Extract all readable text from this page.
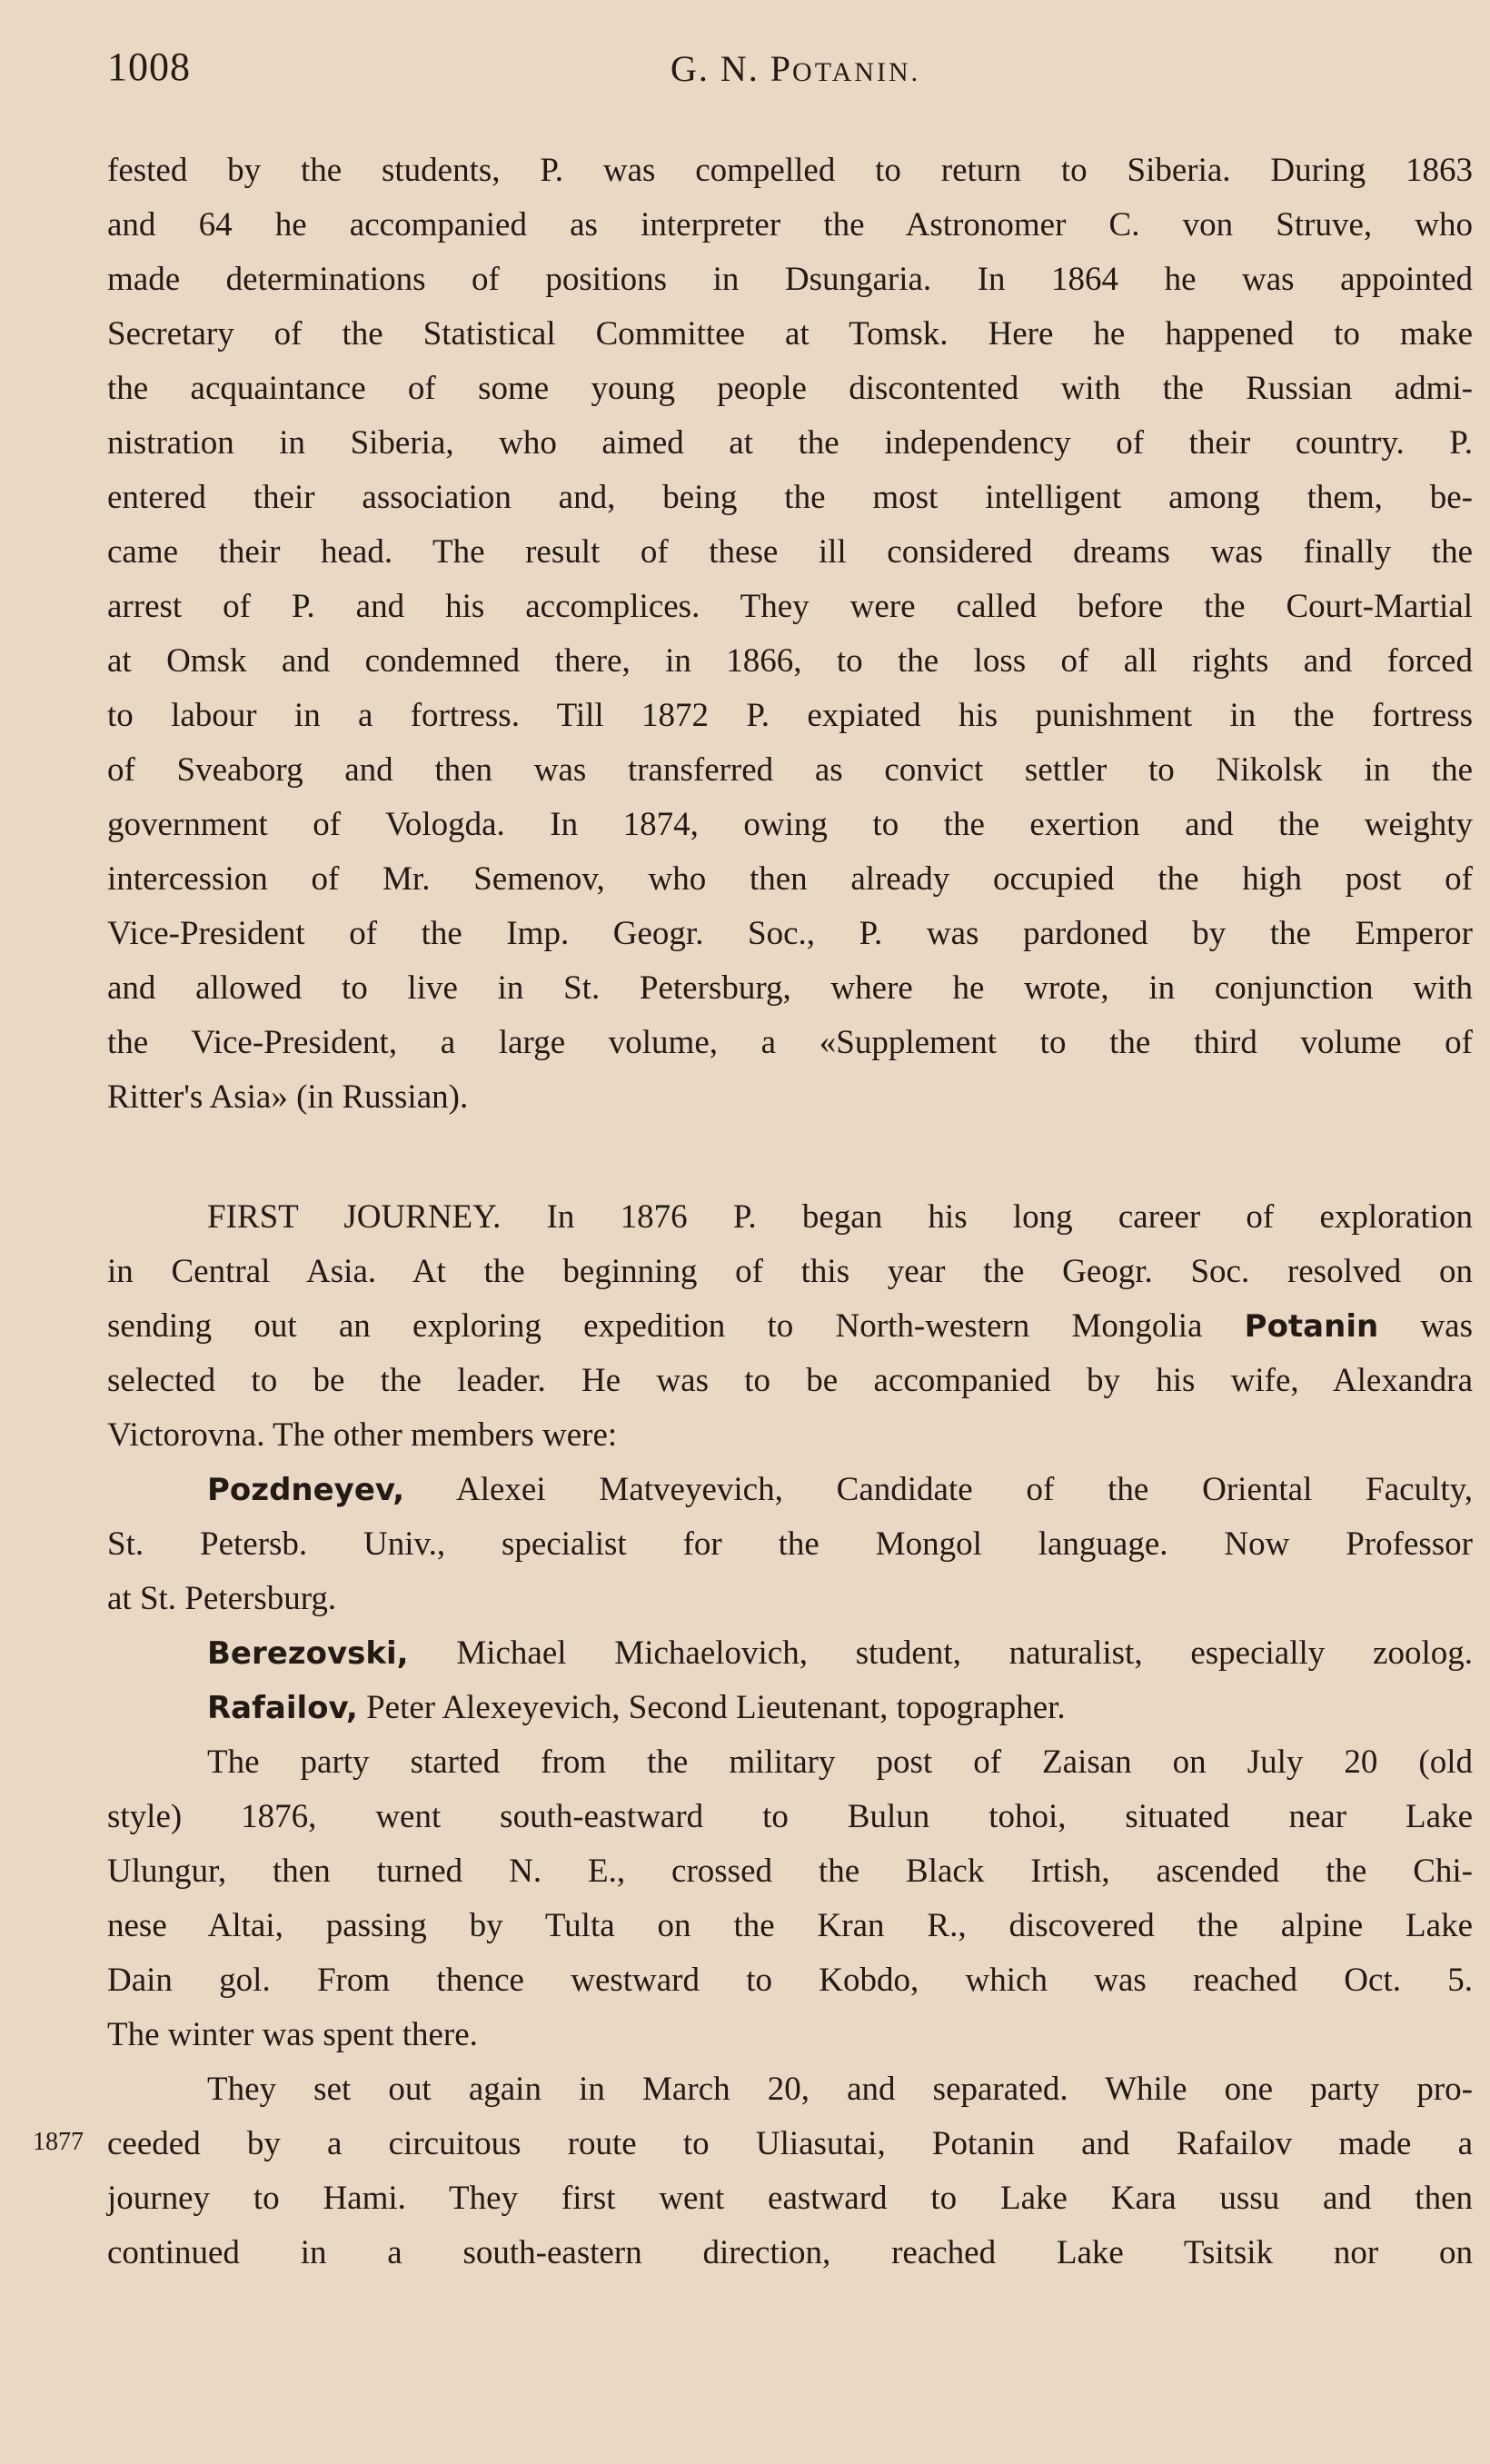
1008	G. N. POTANIN.
fested by the students, P. was compelled to return to Siberia. During 1863
and 64 he accompanied as interpreter the Astronomer C. von Struve, who
made determinations of positions in Dsungaria. In 1864 he was appointed
Secretary of the Statistical Committee at Tomsk. Here he happened to make
the acquaintance of some young people discontented with the Russian admi-
nistration in Siberia, who aimed at the independency of their country. P.
entered their association and, being the most intelligent among them, be-
came their head. The result of these ill considered dreams was finally the
arrest of P. and his accomplices. They were called before the Court-Martial
at Omsk and condemned there, in 1866, to the loss of all rights and forced
to labour in a fortress. Till 1872 P. expiated his punishment in the fortress
of Sveaborg and then was transferred as convict settler to Nikolsk in the
government of Vologda. In 1874, owing to the exertion and the weighty
intercession of Mr. Semenov, who then already occupied the high post of
Vice-President of the Imp. Geogr. Soc., P. was pardoned by the Emperor
and allowed to live in St. Petersburg, where he wrote, in conjunction with
the Vice-President, a large volume, a «Supplement to the third volume of
Ritter's Asia» (in Russian).
FIRST JOURNEY. In 1876 P. began his long career of exploration
in Central Asia. At the beginning of this year the Geogr. Soc. resolved on
sending out an exploring expedition to North-western Mongolia Potanin was
selected to be the leader. He was to be accompanied by his wife, Alexandra
Victorovna. The other members were:
Pozdneyev, Alexei Matveyevich, Candidate of the Oriental Faculty,
St. Petersb. Univ., specialist for the Mongol language. Now Professor
at St. Petersburg.
Berezovski, Michael Michaelovich, student, naturalist, especially zoolog.
Rafailov, Peter Alexeyevich, Second Lieutenant, topographer.
The party started from the military post of Zaisan on July 20 (old
style) 1876, went south-eastward to Bulun tohoi, situated near Lake
Ulungur, then turned N. E., crossed the Black Irtish, ascended the Chi-
nese Altai, passing by Tulta on the Kran R., discovered the alpine Lake
Dain gol. From thence westward to Kobdo, which was reached Oct. 5.
The winter was spent there.
They set out again in March 20, and separated. While one party pro-
ceeded by a circuitous route to Uliasutai, Potanin and Rafailov made a
journey to Hami. They first went eastward to Lake Kara ussu and then
continued in a south-eastern direction, reached Lake Tsitsik nor on
1877
